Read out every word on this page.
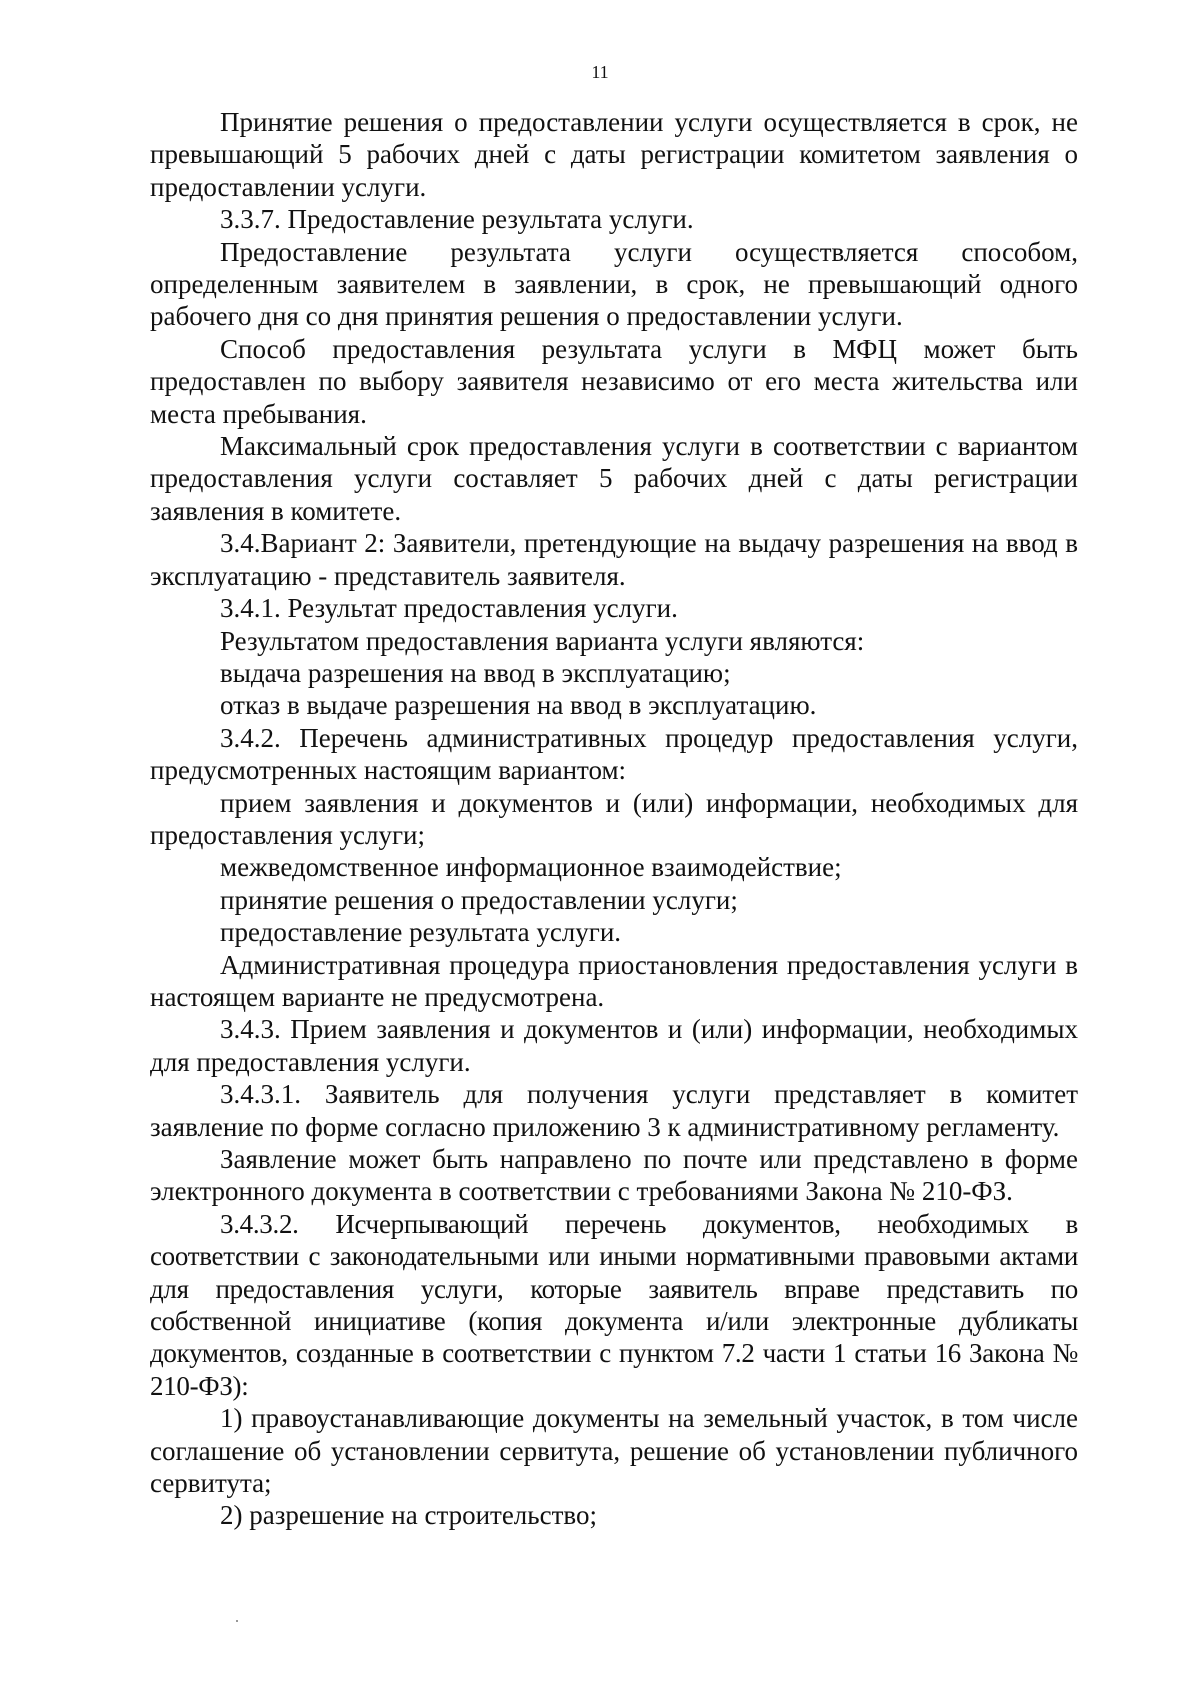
11

Принятие решения о предоставлении услуги осуществляется в срок, не превышающий 5 рабочих дней с даты регистрации комитетом заявления о предоставлении услуги.

3.3.7. Предоставление результата услуги.

Предоставление результата услуги осуществляется способом, определенным заявителем в заявлении, в срок, не превышающий одного рабочего дня со дня принятия решения о предоставлении услуги.

Способ предоставления результата услуги в МФЦ может быть предоставлен по выбору заявителя независимо от его места жительства или места пребывания.

Максимальный срок предоставления услуги в соответствии с вариантом предоставления услуги составляет 5 рабочих дней с даты регистрации заявления в комитете.

3.4.Вариант 2: Заявители, претендующие на выдачу разрешения на ввод в эксплуатацию - представитель заявителя.

3.4.1. Результат предоставления услуги.

Результатом предоставления варианта услуги являются:

выдача разрешения на ввод в эксплуатацию;

отказ в выдаче разрешения на ввод в эксплуатацию.

3.4.2. Перечень административных процедур предоставления услуги, предусмотренных настоящим вариантом:

прием заявления и документов и (или) информации, необходимых для предоставления услуги;

межведомственное информационное взаимодействие;

принятие решения о предоставлении услуги;

предоставление результата услуги.

Административная процедура приостановления предоставления услуги в настоящем варианте не предусмотрена.

3.4.3. Прием заявления и документов и (или) информации, необходимых для предоставления услуги.

3.4.3.1. Заявитель для получения услуги представляет в комитет заявление по форме согласно приложению 3 к административному регламенту.

Заявление может быть направлено по почте или представлено в форме электронного документа в соответствии с требованиями Закона № 210-ФЗ.

3.4.3.2. Исчерпывающий перечень документов, необходимых в соответствии с законодательными или иными нормативными правовыми актами для предоставления услуги, которые заявитель вправе представить по собственной инициативе (копия документа и/или электронные дубликаты документов, созданные в соответствии с пунктом 7.2 части 1 статьи 16 Закона № 210-ФЗ):

1) правоустанавливающие документы на земельный участок, в том числе соглашение об установлении сервитута, решение об установлении публичного сервитута;

2) разрешение на строительство;
